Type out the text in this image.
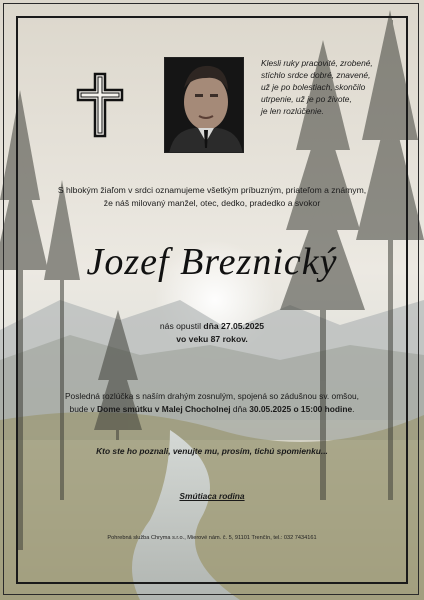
Klesli ruky pracovité, zrobené,
stíchlo srdce dobré, znavené,
už je po bolestiach, skončilo
utrpenie, už je po živote,
je len rozlúčenie.
S hlbokým žiaľom v srdci oznamujeme všetkým príbuzným, priateľom a známym,
že náš milovaný manžel, otec, dedko, pradedko a svokor
Jozef Breznický
nás opustil dňa 27.05.2025
vo veku 87 rokov.
Posledná rozlúčka s naším drahým zosnulým, spojená so zádušnou sv. omšou,
bude v Dome smútku v Malej Chocholnej dňa 30.05.2025 o 15:00 hodine.
Kto ste ho poznali, venujte mu, prosím, tichú spomienku...
Smútiaca rodina
Pohrebná služba Chryma s.r.o., Mierové nám. č. 5, 91101 Trenčín, tel.: 032 7434161
